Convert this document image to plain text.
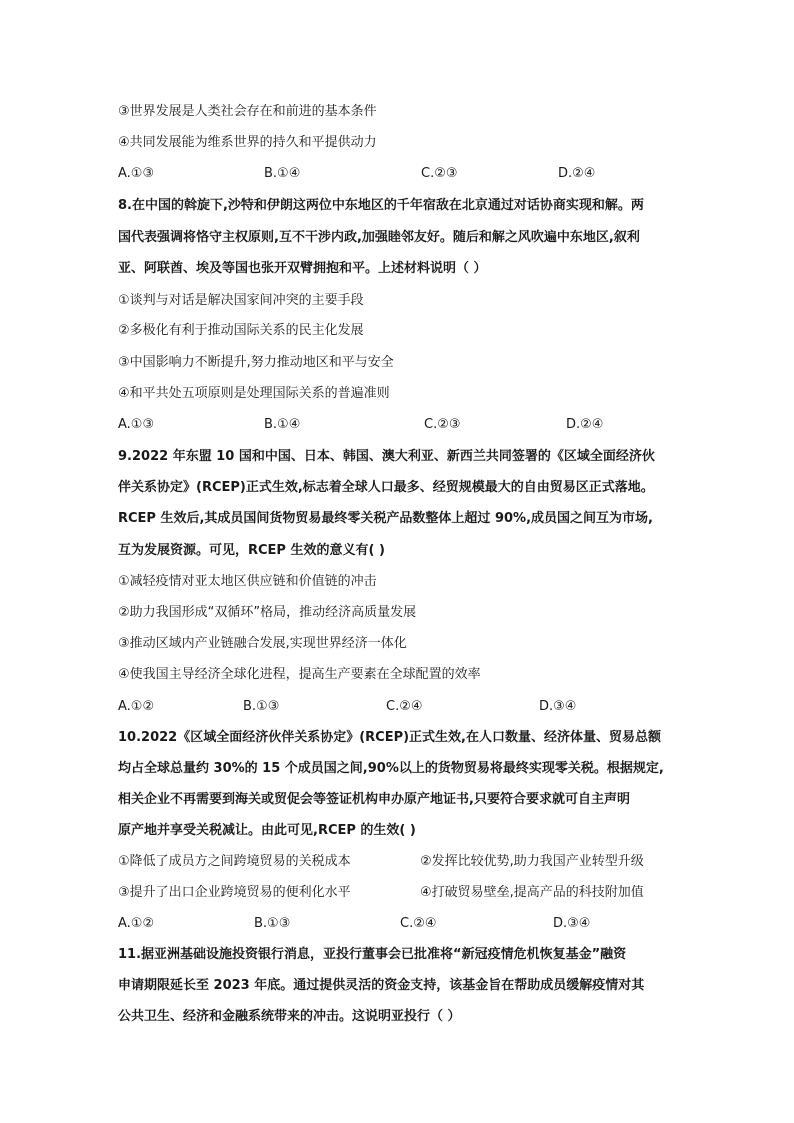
③世界发展是人类社会存在和前进的基本条件
④共同发展能为维系世界的持久和平提供动力
A.①③	B.①④	C.②③	D.②④
8.在中国的斡旋下,沙特和伊朗这两位中东地区的千年宿敌在北京通过对话协商实现和解。两
国代表强调将恪守主权原则,互不干涉内政,加强睦邻友好。随后和解之风吹遍中东地区,叙利
亚、阿联酋、埃及等国也张开双臂拥抱和平。上述材料说明（ ）
①谈判与对话是解决国家间冲突的主要手段
②多极化有利于推动国际关系的民主化发展
③中国影响力不断提升,努力推动地区和平与安全
④和平共处五项原则是处理国际关系的普遍准则
A.①③	B.①④	C.②③	D.②④
9.2022 年东盟 10 国和中国、日本、韩国、澳大利亚、新西兰共同签署的《区域全面经济伙
伴关系协定》(RCEP)正式生效,标志着全球人口最多、经贸规模最大的自由贸易区正式落地。
RCEP 生效后,其成员国间货物贸易最终零关税产品数整体上超过 90%,成员国之间互为市场,
互为发展资源。可见，RCEP 生效的意义有( )
①减轻疫情对亚太地区供应链和价值链的冲击
②助力我国形成“双循环”格局，推动经济高质量发展
③推动区域内产业链融合发展,实现世界经济一体化
④使我国主导经济全球化进程，提高生产要素在全球配置的效率
A.①②	B.①③	C.②④	D.③④
10.2022《区域全面经济伙伴关系协定》(RCEP)正式生效,在人口数量、经济体量、贸易总额
均占全球总量约 30%的 15 个成员国之间,90%以上的货物贸易将最终实现零关税。根据规定,
相关企业不再需要到海关或贸促会等签证机构申办原产地证书,只要符合要求就可自主声明
原产地并享受关税减让。由此可见,RCEP 的生效( )
①降低了成员方之间跨境贸易的关税成本	②发挥比较优势,助力我国产业转型升级
③提升了出口企业跨境贸易的便利化水平	④打破贸易壁垒,提高产品的科技附加值
A.①②	B.①③	C.②④	D.③④
11.据亚洲基础设施投资银行消息，亚投行董事会已批准将“新冠疫情危机恢复基金”融资
申请期限延长至 2023 年底。通过提供灵活的资金支持，该基金旨在帮助成员缓解疫情对其
公共卫生、经济和金融系统带来的冲击。这说明亚投行（ ）
